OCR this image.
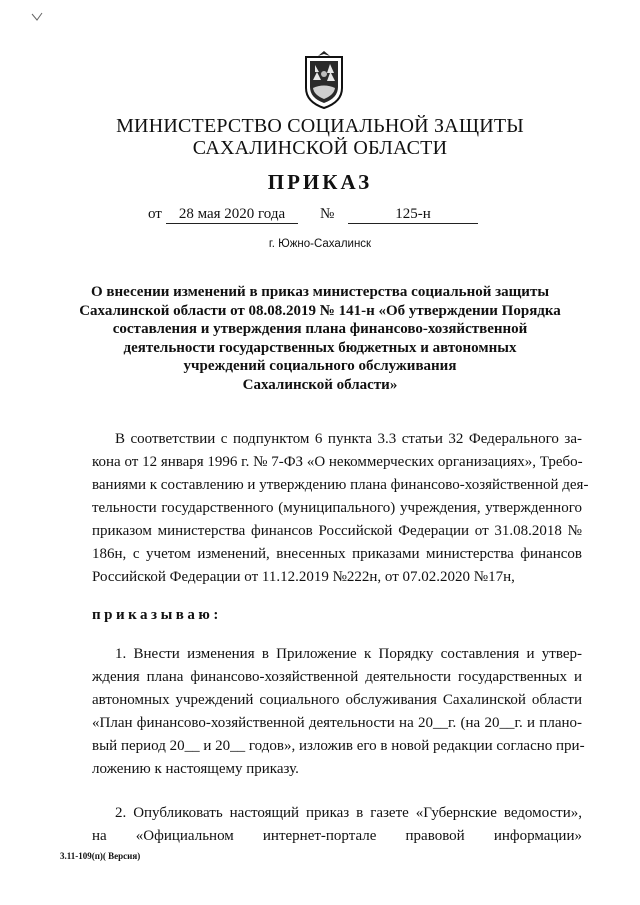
МИНИСТЕРСТВО СОЦИАЛЬНОЙ ЗАЩИТЫ
САХАЛИНСКОЙ ОБЛАСТИ
ПРИКАЗ
от	28 мая 2020 года	№	125-н
г. Южно-Сахалинск
О внесении изменений в приказ министерства социальной защиты
Сахалинской области от 08.08.2019 № 141-н «Об утверждении Порядка
составления и утверждения плана финансово-хозяйственной
деятельности государственных бюджетных и автономных
учреждений социального обслуживания
Сахалинской области»
В соответствии с подпунктом 6 пункта 3.3 статьи 32 Федерального за-
кона от 12 января 1996 г. № 7-ФЗ «О некоммерческих организациях», Требо-
ваниями к составлению и утверждению плана финансово-хозяйственной дея-
тельности государственного (муниципального) учреждения, утвержденного
приказом министерства финансов Российской Федерации от 31.08.2018 №
186н, с учетом изменений, внесенных приказами министерства финансов
Российской Федерации от 11.12.2019 №222н, от 07.02.2020 №17н,
приказываю:
1. Внести изменения в Приложение к Порядку составления и утвер-
ждения плана финансово-хозяйственной деятельности государственных и
автономных учреждений социального обслуживания Сахалинской области
«План финансово-хозяйственной деятельности на 20__г. (на 20__г. и плано-
вый период 20__ и 20__ годов», изложив его в новой редакции согласно при-
ложению к настоящему приказу.
2. Опубликовать настоящий приказ в газете «Губернские ведомости»,
на «Официальном интернет-портале правовой информации»
3.11-109(п)( Версия)
